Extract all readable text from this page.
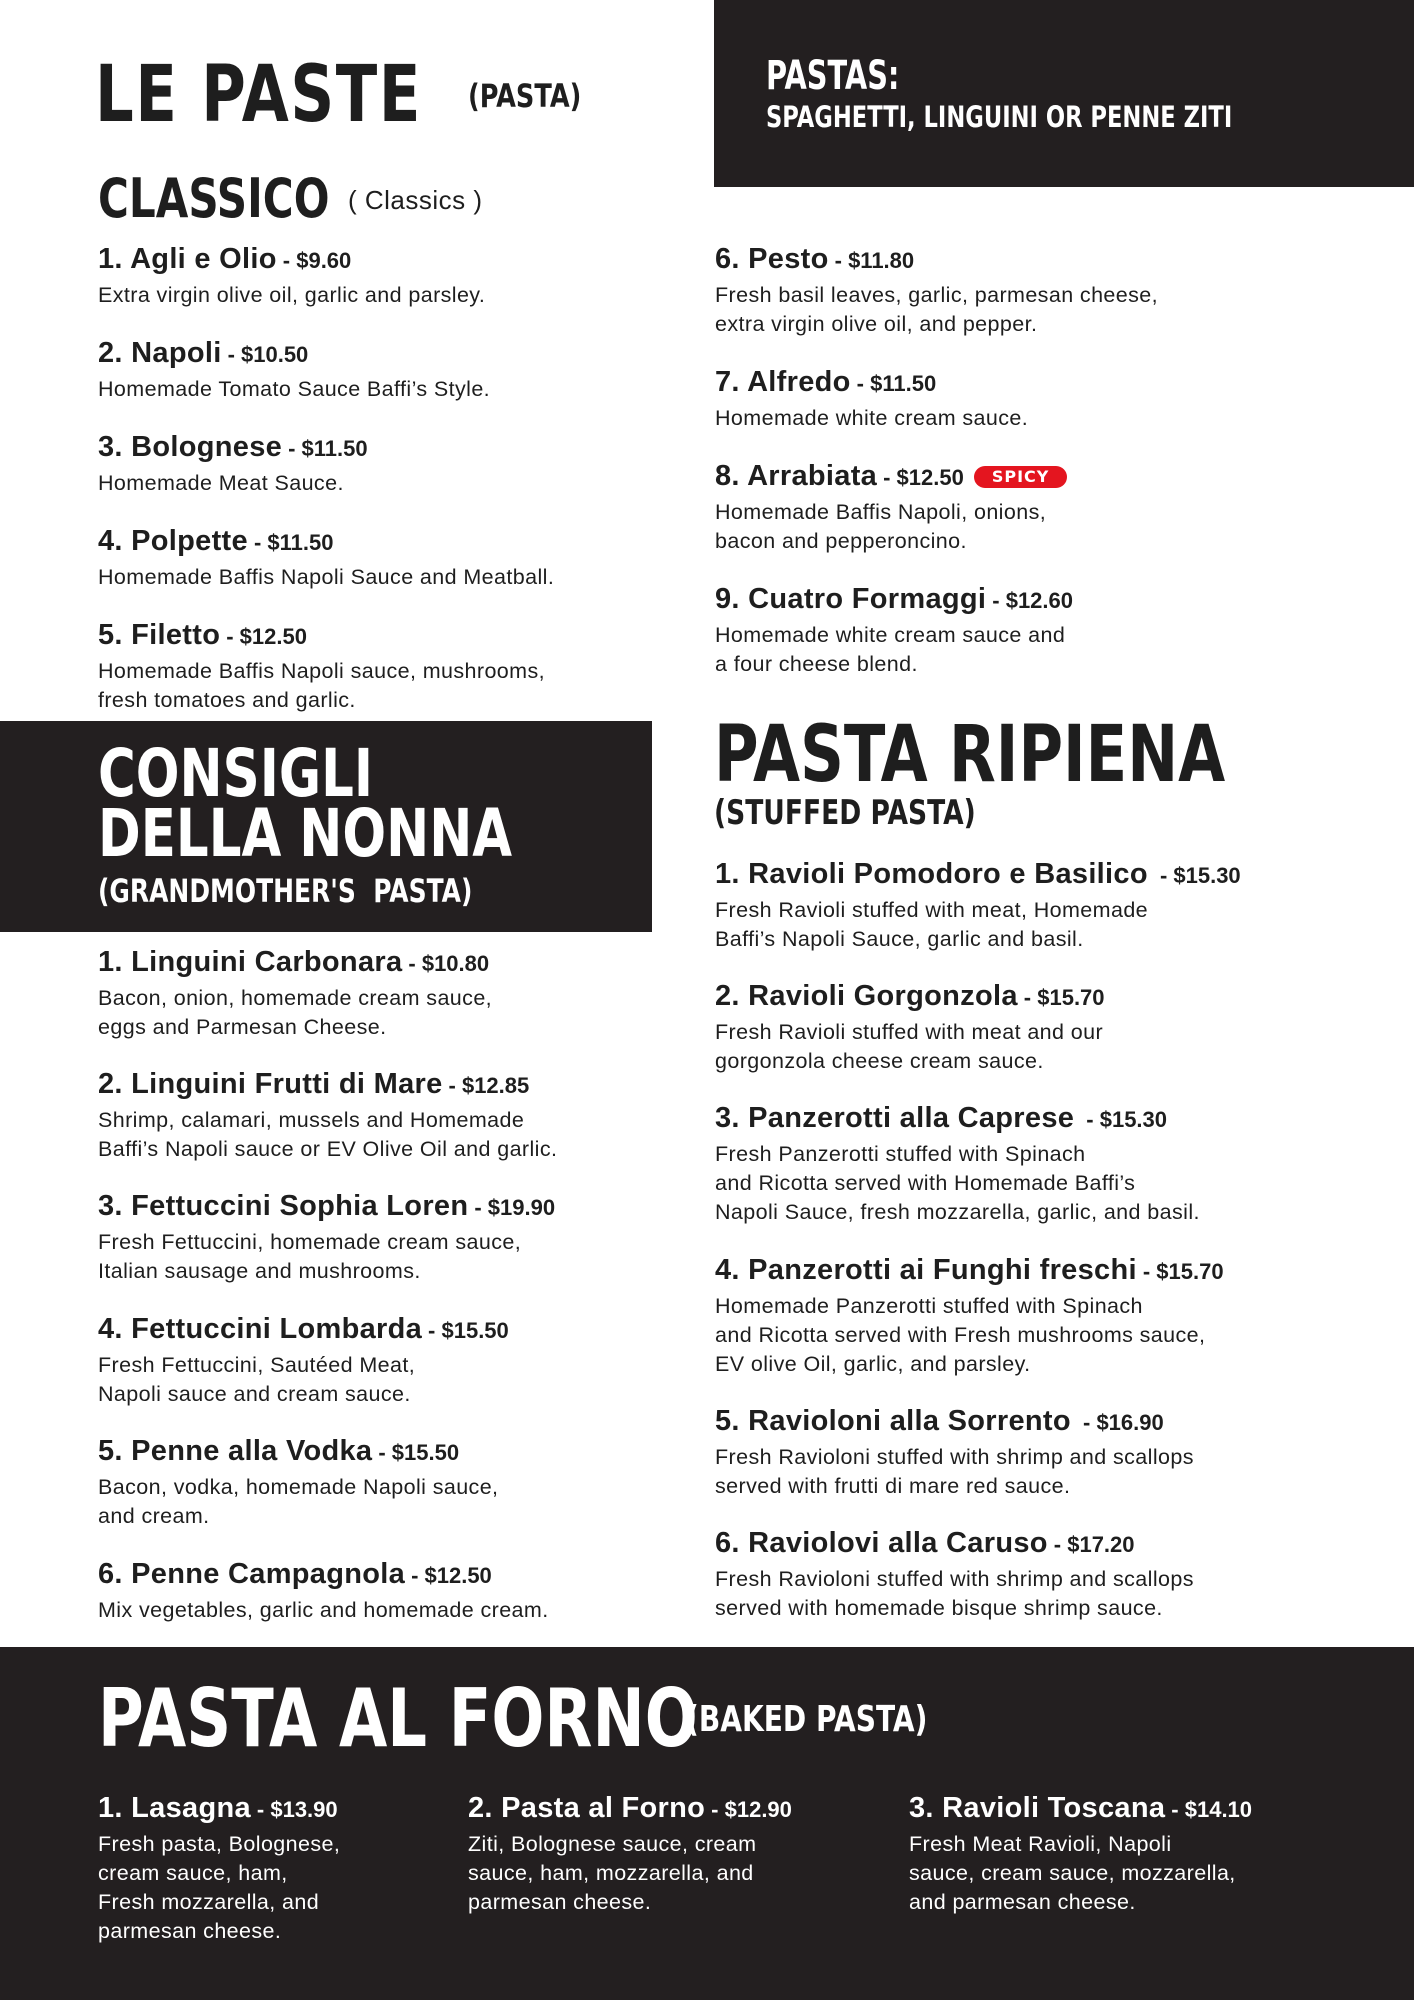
LE PASTE (PASTA)	PASTAS:
SPAGHETTI, LINGUINI OR PENNE ZITI
CLASSICO ( Classics )
1. Agli e Olio - $9.60
Extra virgin olive oil, garlic and parsley.
2. Napoli - $10.50
Homemade Tomato Sauce Baffi’s Style.
3. Bolognese - $11.50
Homemade Meat Sauce.
4. Polpette - $11.50
Homemade Baffis Napoli Sauce and Meatball.
5. Filetto - $12.50
Homemade Baffis Napoli sauce, mushrooms,
fresh tomatoes and garlic.
6. Pesto - $11.80
Fresh basil leaves, garlic, parmesan cheese,
extra virgin olive oil, and pepper.
7. Alfredo - $11.50
Homemade white cream sauce.
8. Arrabiata - $12.50 SPICY
Homemade Baffis Napoli, onions,
bacon and pepperoncino.
9. Cuatro Formaggi - $12.60
Homemade white cream sauce and
a four cheese blend.
CONSIGLI
DELLA NONNA
(GRANDMOTHER'S  PASTA)
1. Linguini Carbonara - $10.80
Bacon, onion, homemade cream sauce,
eggs and Parmesan Cheese.
2. Linguini Frutti di Mare - $12.85
Shrimp, calamari, mussels and Homemade
Baffi’s Napoli sauce or EV Olive Oil and garlic.
3. Fettuccini Sophia Loren - $19.90
Fresh Fettuccini, homemade cream sauce,
Italian sausage and mushrooms.
4. Fettuccini Lombarda - $15.50
Fresh Fettuccini, Sautéed Meat,
Napoli sauce and cream sauce.
5. Penne alla Vodka - $15.50
Bacon, vodka, homemade Napoli sauce,
and cream.
6. Penne Campagnola - $12.50
Mix vegetables, garlic and homemade cream.
PASTA RIPIENA
(STUFFED PASTA)
1. Ravioli Pomodoro e Basilico - $15.30
Fresh Ravioli stuffed with meat, Homemade
Baffi’s Napoli Sauce, garlic and basil.
2. Ravioli Gorgonzola - $15.70
Fresh Ravioli stuffed with meat and our
gorgonzola cheese cream sauce.
3. Panzerotti alla Caprese - $15.30
Fresh Panzerotti stuffed with Spinach
and Ricotta served with Homemade Baffi’s
Napoli Sauce, fresh mozzarella, garlic, and basil.
4. Panzerotti ai Funghi freschi - $15.70
Homemade Panzerotti stuffed with Spinach
and Ricotta served with Fresh mushrooms sauce,
EV olive Oil, garlic, and parsley.
5. Ravioloni alla Sorrento - $16.90
Fresh Ravioloni stuffed with shrimp and scallops
served with frutti di mare red sauce.
6. Raviolovi alla Caruso - $17.20
Fresh Ravioloni stuffed with shrimp and scallops
served with homemade bisque shrimp sauce.
PASTA AL FORNO
(BAKED PASTA)
1. Lasagna - $13.90
Fresh pasta, Bolognese,
cream sauce, ham,
Fresh mozzarella, and
parmesan cheese.
2. Pasta al Forno - $12.90
Ziti, Bolognese sauce, cream
sauce, ham, mozzarella, and
parmesan cheese.
3. Ravioli Toscana - $14.10
Fresh Meat Ravioli, Napoli
sauce, cream sauce, mozzarella,
and parmesan cheese.
